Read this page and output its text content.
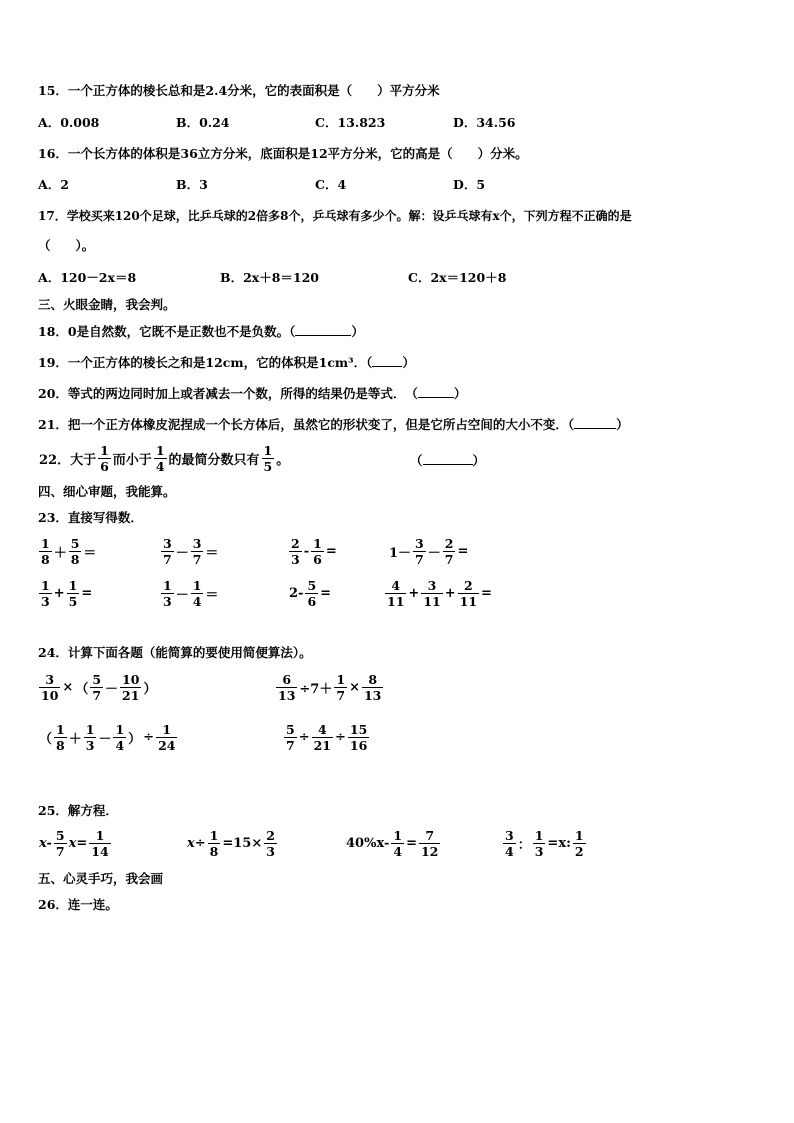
15．一个正方体的棱长总和是2.4分米，它的表面积是（　　）平方分米
A．0.008	B．0.24	C．13.823	D．34.56
16．一个长方体的体积是36立方分米，底面积是12平方分米，它的高是（　　）分米。
A．2	B．3	C．4	D．5
17．学校买来120个足球，比乒乓球的2倍多8个，乒乓球有多少个。解：设乒乓球有x个，下列方程不正确的是
（　　）。
A．120－2x＝8	B．2x＋8＝120	C．2x＝120＋8
三、火眼金睛，我会判。
18．0是自然数，它既不是正数也不是负数。（	）
19．一个正方体的棱长之和是12cm，它的体积是1cm³．（ ）
20．等式的两边同时加上或者减去一个数，所得的结果仍是等式．　（	）
21．把一个正方体橡皮泥捏成一个长方体后，虽然它的形状变了，但是它所占空间的大小不变．（	）
22．大于 $\frac{1}{6}$ 而小于 $\frac{1}{4}$ 的最简分数只有 $\frac{1}{5}$ 。	（	）
四、细心审题，我能算。
23．直接写得数．
$\frac{1}{8} + \frac{5}{8}$ ＝	$\frac{3}{7} - \frac{3}{7}$ ＝	$\frac{2}{3} - \frac{1}{6}$ =	$1- \frac{3}{7} - \frac{2}{7}$ =
$\frac{1}{3} + \frac{1}{5}$ =	$\frac{1}{3} - \frac{1}{4}$ ＝	$2- \frac{5}{6}$ =	$\frac{4}{11} + \frac{3}{11} + \frac{2}{11}$ =
24．计算下面各题（能简算的要使用简便算法）。
$\frac{3}{10}$ × （ $\frac{5}{7} - \frac{10}{21}$ ）	$\frac{6}{13} \div 7+ \frac{1}{7} \times \frac{8}{13}$
（ $\frac{1}{8} + \frac{1}{3} - \frac{1}{4}$ ） ÷ $\frac{1}{24}$	$\frac{5}{7} \div \frac{4}{21} \div \frac{15}{16}$
25．解方程．
$x- \frac{5}{7} x= \frac{1}{14}$	$x\div \frac{1}{8} =15\times \frac{2}{3}$	$40\%x- \frac{1}{4} = \frac{7}{12}$	$\frac{3}{4}$ ： $\frac{1}{3} =x$: $\frac{1}{2}$
五、心灵手巧，我会画
26．连一连。
